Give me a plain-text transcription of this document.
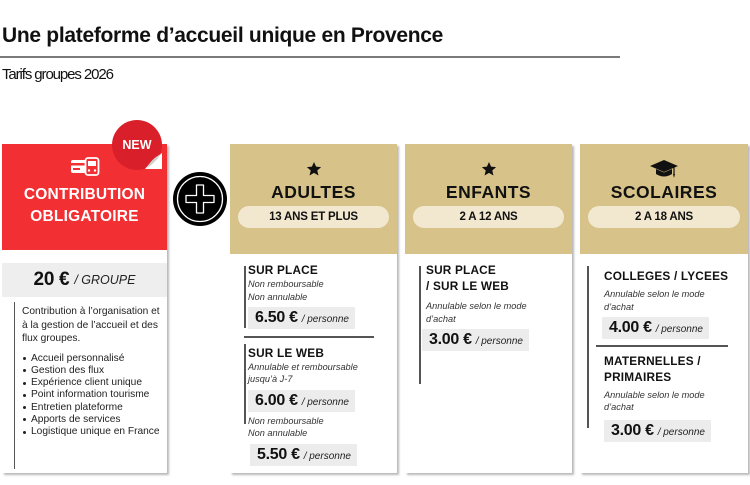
Une plateforme d’accueil unique en Provence
Tarifs groupes 2026
CONTRIBUTION
OBLIGATOIRE
20 € / GROUPE

Contribution à l’organisation et à la gestion de l’accueil et des flux groupes.

Accueil personnalisé
Gestion des flux
Expérience client unique
Point information tourisme
Entretien plateforme
Apports de services
Logistique unique en France
NEW
ADULTES
13 ANS ET PLUS
SUR PLACE
Non remboursable
Non annulable
6.50 € / personne
SUR LE WEB
Annulable et remboursable
jusqu’à J-7
6.00 € / personne
Non remboursable
Non annulable
5.50 € / personne
ENFANTS
2 A 12 ANS
SUR PLACE
/ SUR LE WEB
Annulable selon le mode
d’achat
3.00 € / personne
SCOLAIRES
2 A 18 ANS
COLLEGES / LYCEES
Annulable selon le mode
d’achat
4.00 € / personne
MATERNELLES /
PRIMAIRES
Annulable selon le mode
d’achat
3.00 € / personne
